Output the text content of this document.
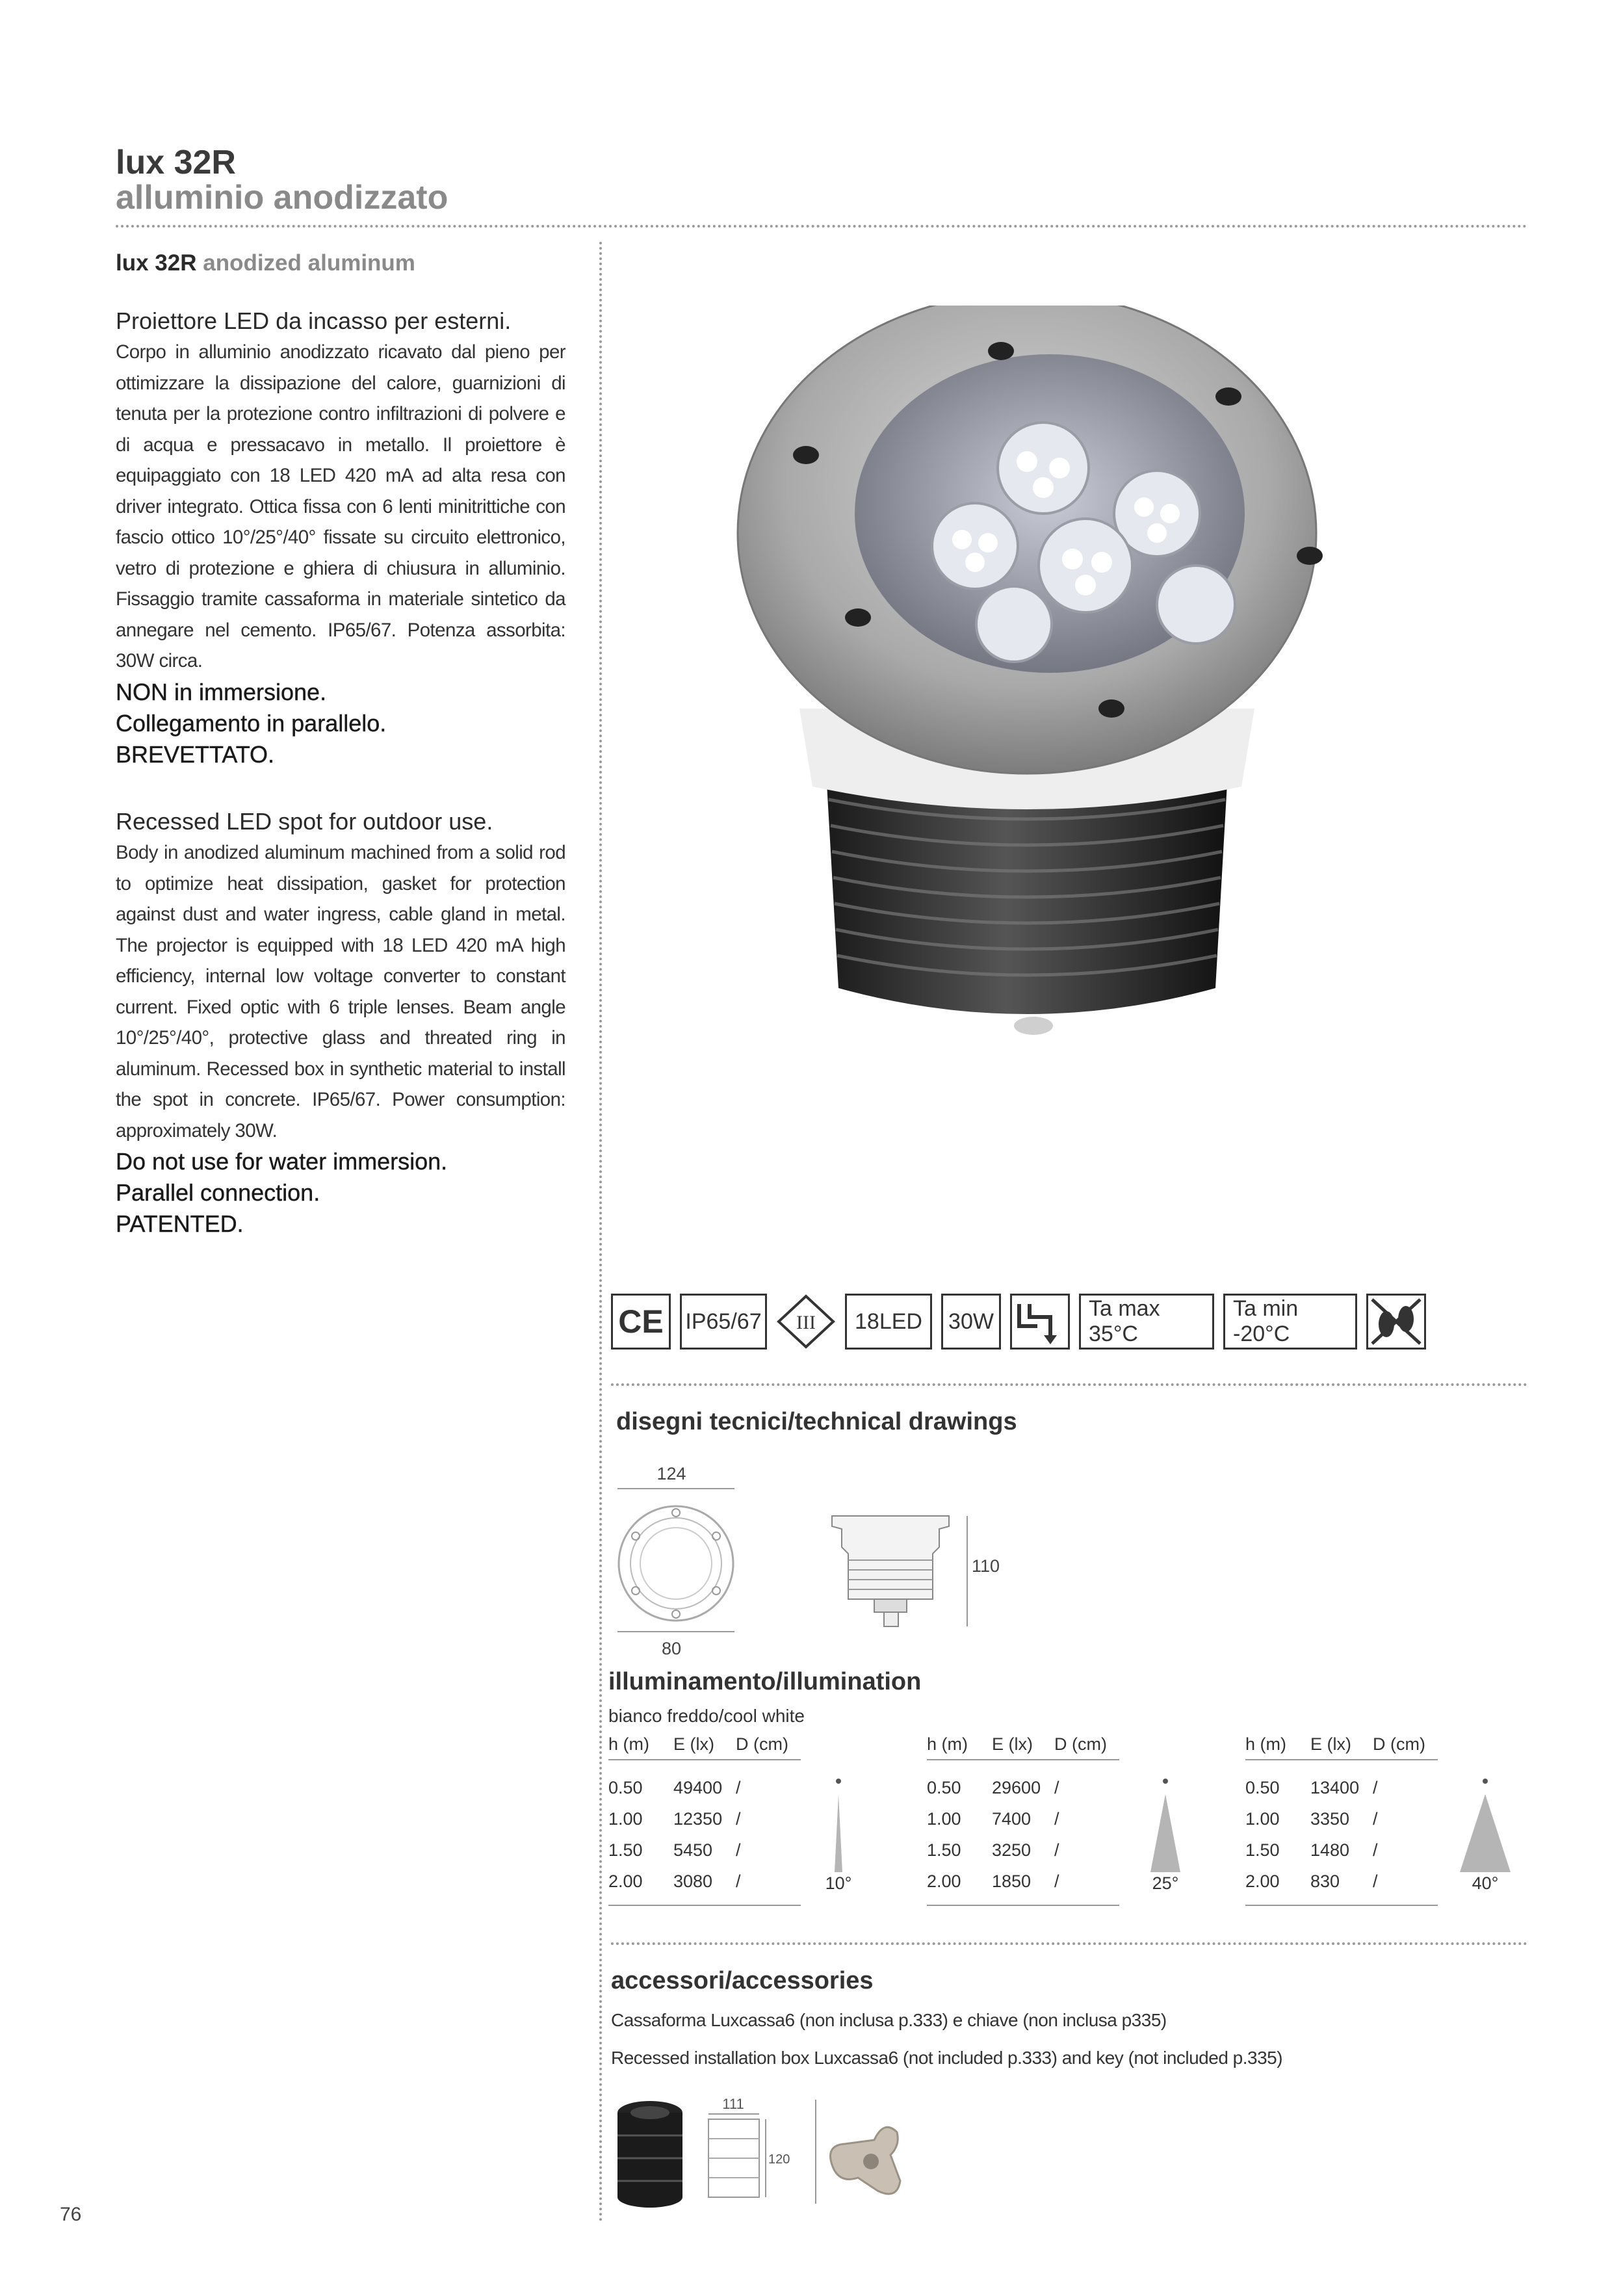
lux 32R
alluminio anodizzato
lux 32R anodized aluminum
Proiettore LED da incasso per esterni.
Corpo in alluminio anodizzato ricavato dal pieno per ottimizzare la dissipazione del calore, guarnizioni di tenuta per la protezione contro infiltrazioni di polvere e di acqua e pressacavo in metallo. Il proiettore è equipaggiato con 18 LED 420 mA ad alta resa con driver integrato. Ottica fissa con 6 lenti minitrittiche con fascio ottico 10°/25°/40° fissate su circuito elettronico, vetro di protezione e ghiera di chiusura in alluminio. Fissaggio tramite cassaforma in materiale sintetico da annegare nel cemento. IP65/67. Potenza assorbita: 30W circa.
NON in immersione.
Collegamento in parallelo.
BREVETTATO.
Recessed LED spot for outdoor use.
Body in anodized aluminum machined from a solid rod to optimize heat dissipation, gasket for protection against dust and water ingress, cable gland in metal. The projector is equipped with 18 LED 420 mA high efficiency, internal low voltage converter to constant current. Fixed optic with 6 triple lenses. Beam angle 10°/25°/40°, protective glass and threated ring in aluminum. Recessed box in synthetic material to install the spot in concrete. IP65/67. Power consumption: approximately 30W.
Do not use for water immersion.
Parallel connection.
PATENTED.
CE IP65/67 III	18LED	30W
Ta max 35°C
Ta min -20°C
disegni tecnici/technical drawings
124
80
110
illuminamento/illumination
bianco freddo/cool white
h (m) E (lx) D (cm)
0.50 49400 /
1.00 12350 /
1.50 5450 /
2.00 3080 /	10°
h (m) E (lx) D (cm)
0.50 29600 /
1.00 7400 /
1.50 3250 /
2.00 1850 /	25°
h (m) E (lx) D (cm)
0.50 13400 /
1.00 3350 /
1.50 1480 /
2.00 830 /	40°
accessori/accessories
Cassaforma Luxcassa6 (non inclusa p.333) e chiave (non inclusa p335)
Recessed installation box Luxcassa6 (not included p.333) and key (not included p.335)
111
120
76
